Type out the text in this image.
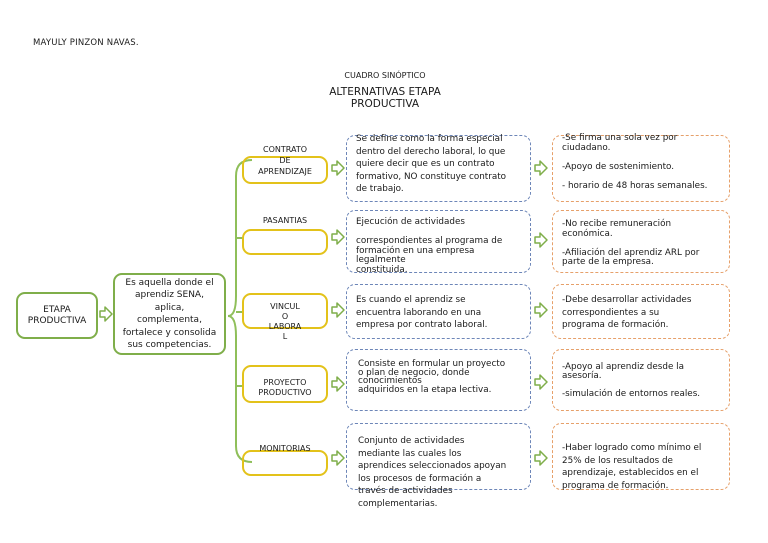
MAYULY PINZON NAVAS.
CUADRO SINÓPTICO
ALTERNATIVAS ETAPA
PRODUCTIVA
ETAPA
PRODUCTIVA
Es aquella donde el aprendiz SENA, aplica, complementa, fortalece y consolida sus competencias.
CONTRATO
DE
APRENDIZAJE
PASANTIAS
VINCUL
O
LABORA
L
PROYECTO
PRODUCTIVO
MONITORIAS
Se define como la forma especial
dentro del derecho laboral, lo que
quiere decir que es un contrato
formativo, NO constituye contrato
de trabajo.
Ejecución de actividades

correspondientes al programa de
formación en una empresa
legalmente
constituida.
Es cuando el aprendiz se
encuentra laborando en una
empresa por contrato laboral.
Consiste en formular un proyecto
o plan de negocio, donde
conocimientos
adquiridos en la etapa lectiva.
Conjunto de actividades
mediante las cuales los
aprendices seleccionados apoyan
los procesos de formación a
través de actividades
complementarias.
-Se firma una sola vez por
ciudadano.

-Apoyo de sostenimiento.

- horario de 48 horas semanales.
-No recibe remuneración
económica.

-Afiliación del aprendiz ARL por
parte de la empresa.
-Debe desarrollar actividades
correspondientes a su
programa de formación.
-Apoyo al aprendiz desde la
asesoría.

-simulación de entornos reales.
-Haber logrado como mínimo el
25% de los resultados de
aprendizaje, establecidos en el
programa de formación.
